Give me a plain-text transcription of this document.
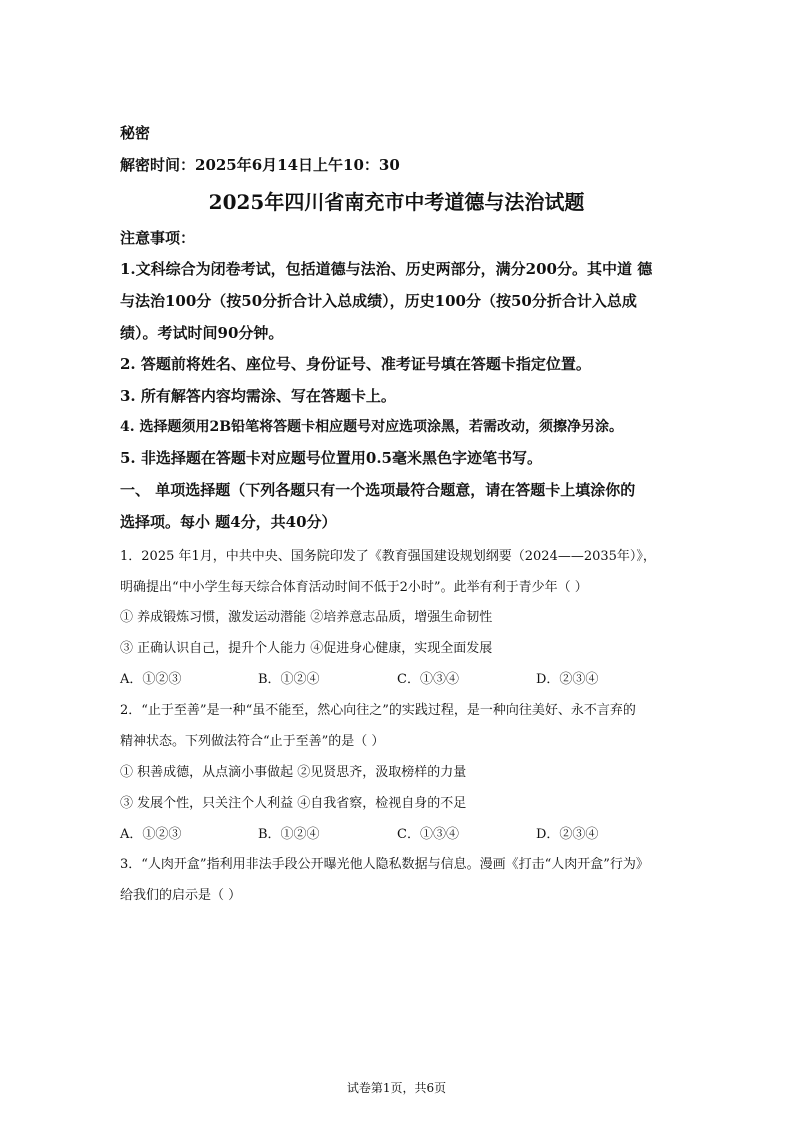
秘密
解密时间：2025年6月14日上午10：30
2025年四川省南充市中考道德与法治试题
注意事项：
1.文科综合为闭卷考试，包括道德与法治、历史两部分，满分200分。其中道 德
与法治100分（按50分折合计入总成绩），历史100分（按50分折合计入总成
绩）。考试时间90分钟。
2. 答题前将姓名、座位号、身份证号、准考证号填在答题卡指定位置。
3. 所有解答内容均需涂、写在答题卡上。
4. 选择题须用2B铅笔将答题卡相应题号对应选项涂黑，若需改动，须擦净另涂。
5. 非选择题在答题卡对应题号位置用0.5毫米黑色字迹笔书写。
一、 单项选择题（下列各题只有一个选项最符合题意，请在答题卡上填涂你的
选择项。每小 题4分，共40分）
1．2025 年1月，中共中央、国务院印发了《教育强国建设规划纲要（2024——2035年）》，
明确提出“中小学生每天综合体育活动时间不低于2小时”。此举有利于青少年（ ）
① 养成锻炼习惯，激发运动潜能 ②培养意志品质，增强生命韧性
③ 正确认识自己，提升个人能力 ④促进身心健康，实现全面发展
A．①②③	B．①②④	C．①③④	D．②③④
2．“止于至善”是一种“虽不能至，然心向往之”的实践过程，是一种向往美好、永不言弃的
精神状态。下列做法符合“止于至善”的是（ ）
① 积善成德，从点滴小事做起 ②见贤思齐，汲取榜样的力量
③ 发展个性，只关注个人利益 ④自我省察，检视自身的不足
A．①②③	B．①②④	C．①③④	D．②③④
3．“人肉开盒”指利用非法手段公开曝光他人隐私数据与信息。漫画《打击“人肉开盒”行为》
给我们的启示是（ ）
试卷第1页，共6页
